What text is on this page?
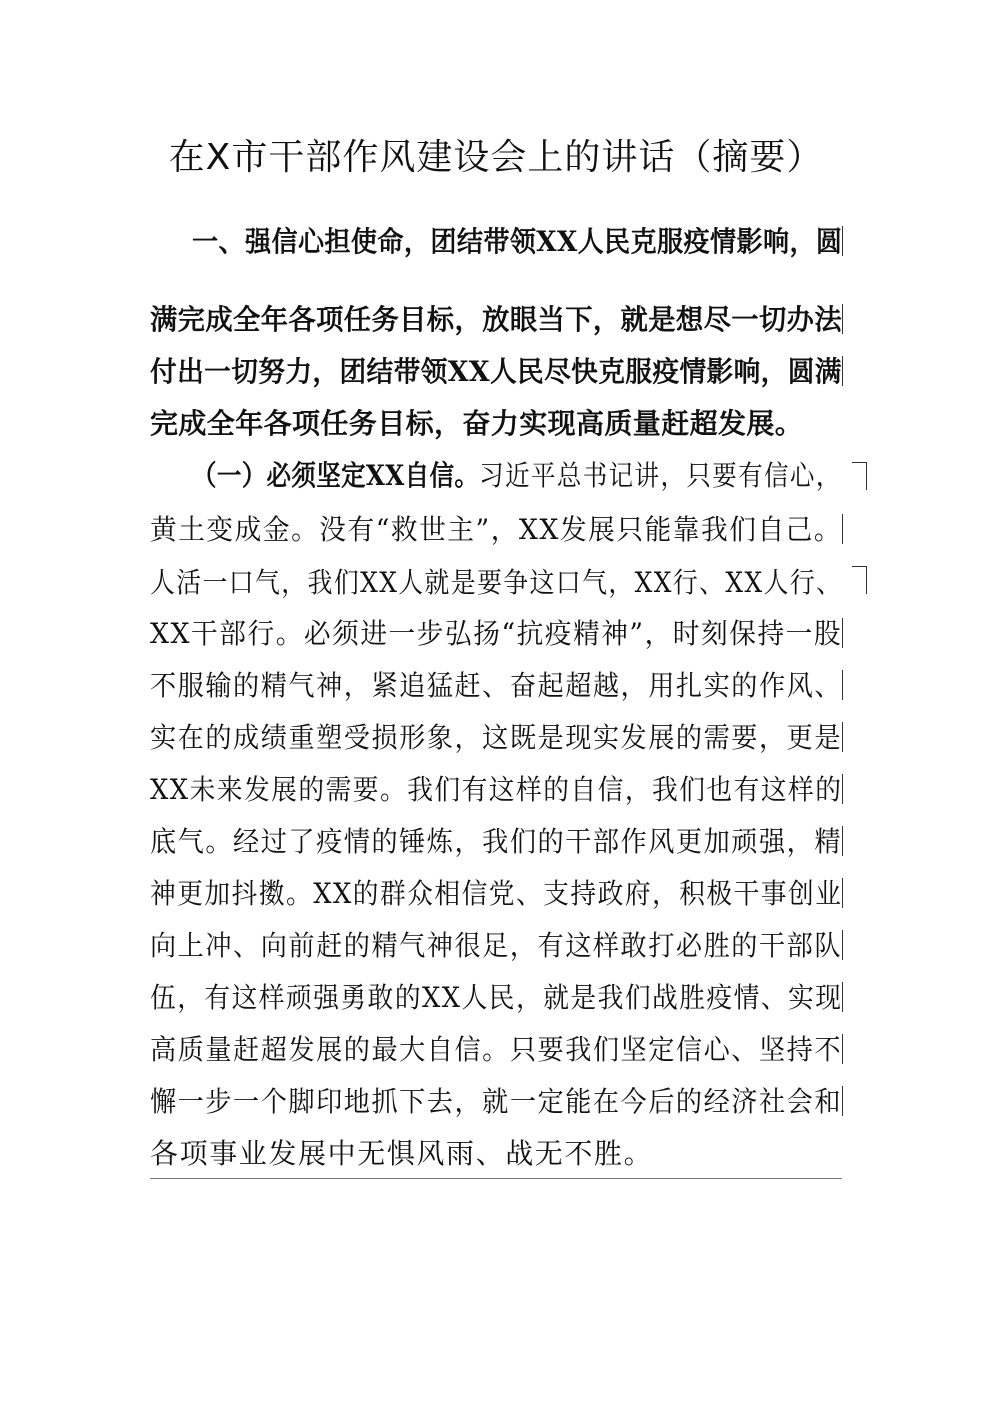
在X市干部作风建设会上的讲话（摘要）
一、强信心担使命，团结带领XX人民克服疫情影响，圆
满完成全年各项任务目标，放眼当下，就是想尽一切办法
付出一切努力，团结带领XX人民尽快克服疫情影响，圆满
完成全年各项任务目标，奋力实现高质量赶超发展。
（一）必须坚定XX自信。习近平总书记讲，只要有信心，
黄土变成金。没有“救世主”，XX发展只能靠我们自己。
人活一口气，我们XX人就是要争这口气，XX行、XX人行、
XX干部行。必须进一步弘扬“抗疫精神”，时刻保持一股
不服输的精气神，紧追猛赶、奋起超越，用扎实的作风、
实在的成绩重塑受损形象，这既是现实发展的需要，更是
XX未来发展的需要。我们有这样的自信，我们也有这样的
底气。经过了疫情的锤炼，我们的干部作风更加顽强，精
神更加抖擞。XX的群众相信党、支持政府，积极干事创业
向上冲、向前赶的精气神很足，有这样敢打必胜的干部队
伍，有这样顽强勇敢的XX人民，就是我们战胜疫情、实现
高质量赶超发展的最大自信。只要我们坚定信心、坚持不
懈一步一个脚印地抓下去，就一定能在今后的经济社会和
各项事业发展中无惧风雨、战无不胜。
